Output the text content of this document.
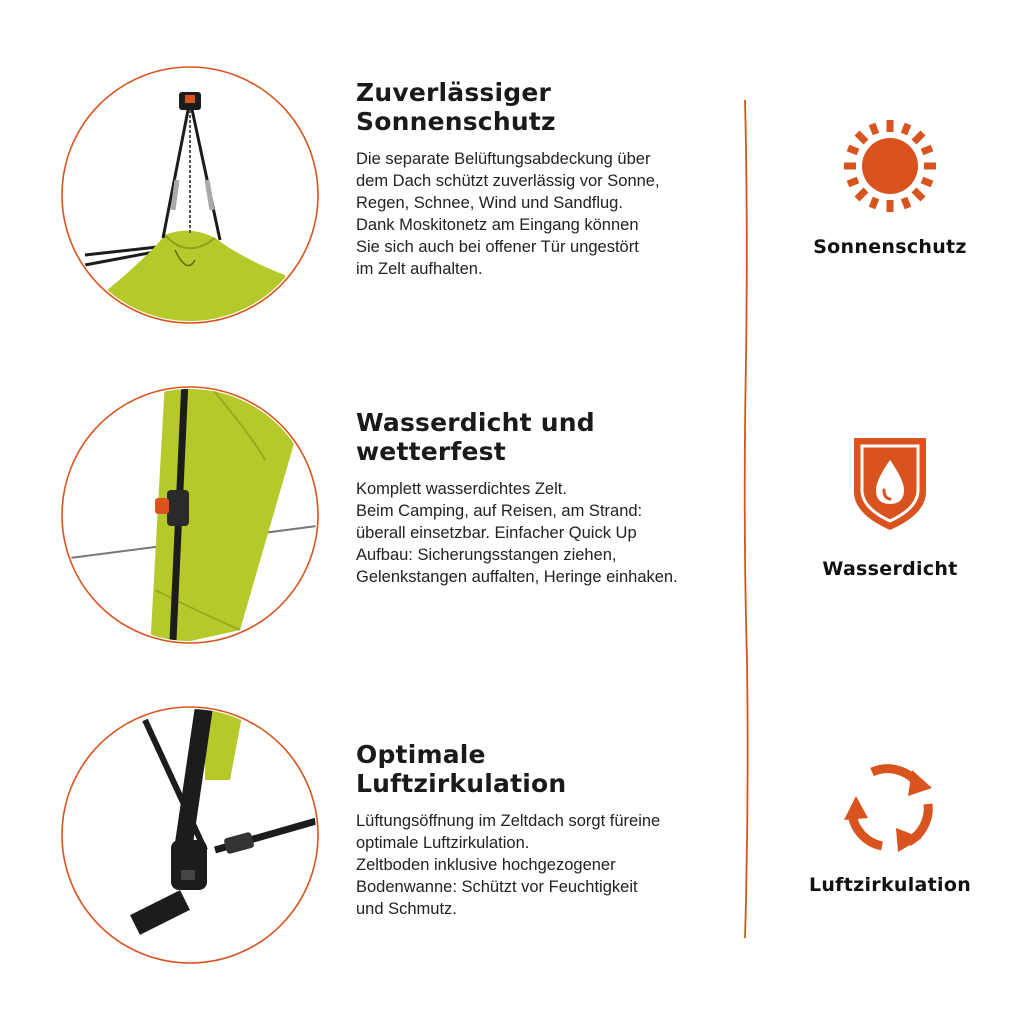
Zuverlässiger
Sonnenschutz

Die separate Belüftungsabdeckung über
dem Dach schützt zuverlässig vor Sonne,
Regen, Schnee, Wind und Sandflug.
Dank Moskitonetz am Eingang können
Sie sich auch bei offener Tür ungestört
im Zelt aufhalten.

Wasserdicht und
wetterfest

Komplett wasserdichtes Zelt.
Beim Camping, auf Reisen, am Strand:
überall einsetzbar. Einfacher Quick Up
Aufbau: Sicherungsstangen ziehen,
Gelenkstangen auffalten, Heringe einhaken.

Optimale
Luftzirkulation

Lüftungsöffnung im Zeltdach sorgt füreine
optimale Luftzirkulation.
Zeltboden inklusive hochgezogener
Bodenwanne: Schützt vor Feuchtigkeit
und Schmutz.

Sonnenschutz
Wasserdicht
Luftzirkulation
